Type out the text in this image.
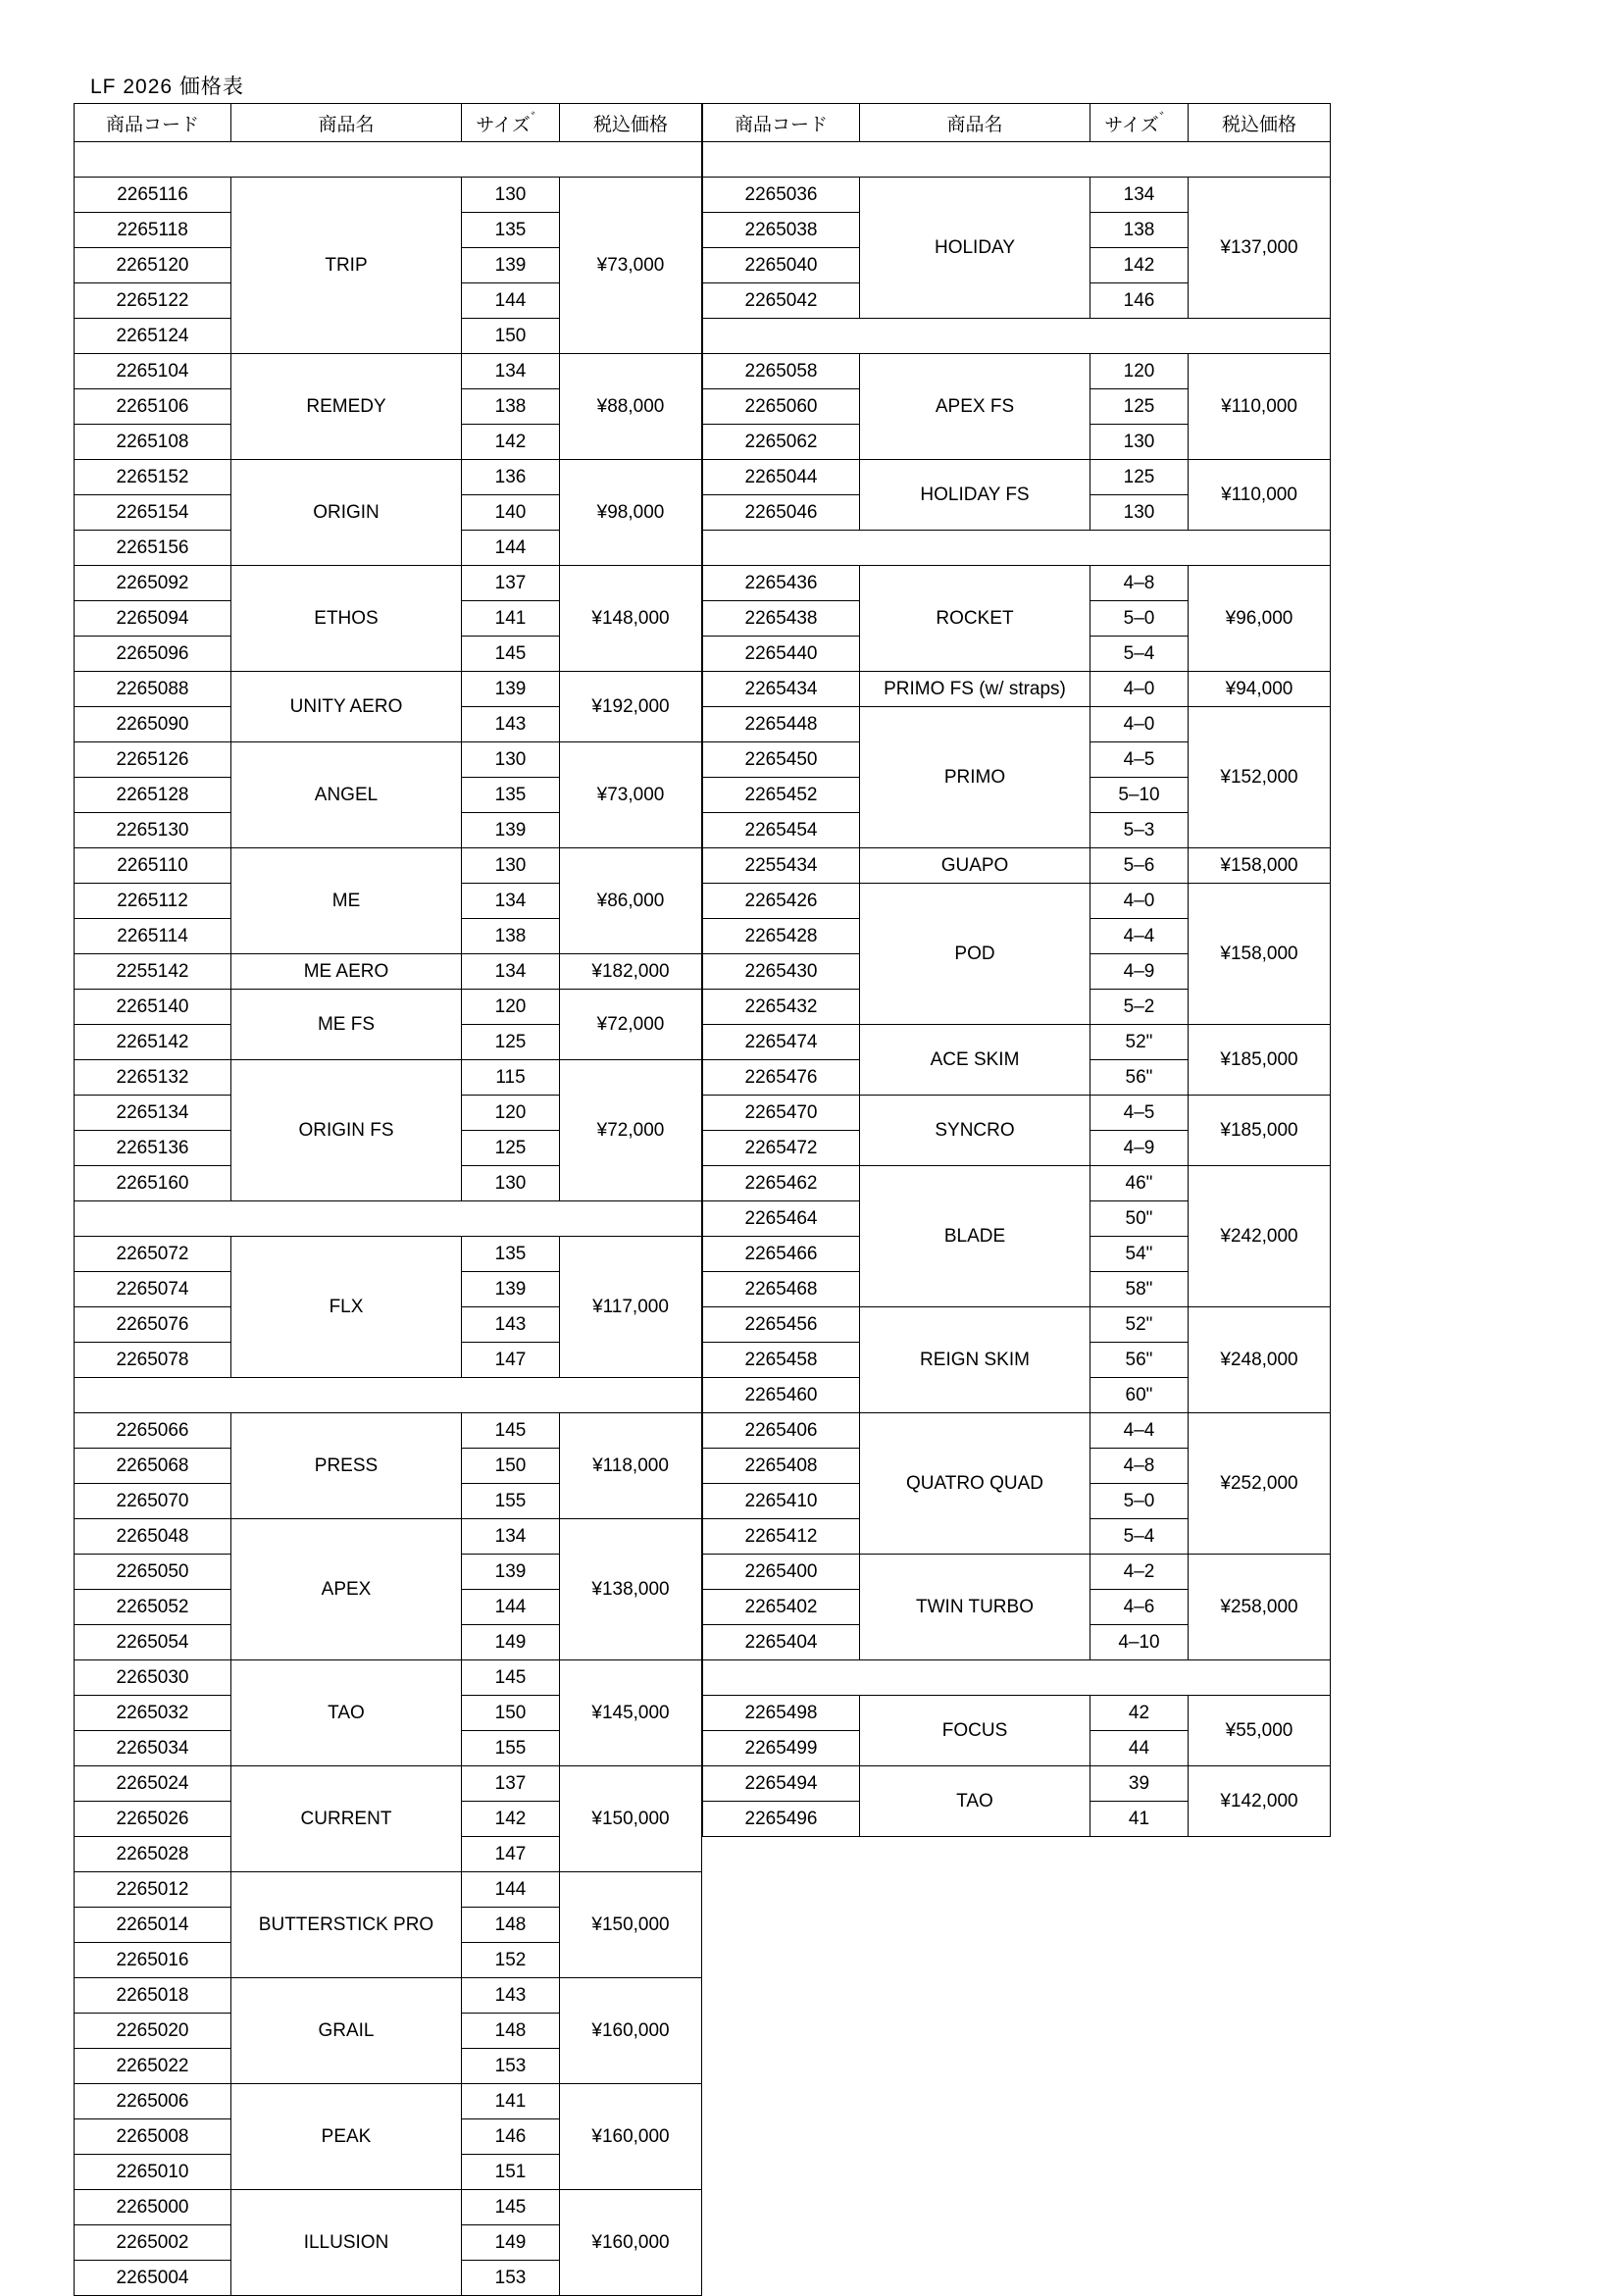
LF 2026 価格表
商品コード	商品名	サイズ゛	税込価格
WAKEBOARD – BOAT –			
2265116	TRIP	130	¥73,000
2265118		135	
2265120		139	
2265122		144	
2265124		150	
2265104	REMEDY	134	¥88,000
2265106		138	
2265108		142	
2265152	ORIGIN	136	¥98,000
2265154		140	
2265156		144	
2265092	ETHOS	137	¥148,000
2265094		141	
2265096		145	
2265088	UNITY AERO	139	¥192,000
2265090		143	
2265126	ANGEL	130	¥73,000
2265128		135	
2265130		139	
2265110	ME	130	¥86,000
2265112		134	
2265114		138	
2255142	ME AERO	134	¥182,000
2265140	ME FS	120	¥72,000
2265142		125	
2265132	ORIGIN FS	115	¥72,000
2265134		120	
2265136		125	
2265160		130	
MEN'S WAKEBOARD – BOAT & PARK –			
2265072	FLX	135	¥117,000
2265074		139	
2265076		143	
2265078		147	
MEN'S WAKEBOARD – PARK –			
2265066	PRESS	145	¥118,000
2265068		150	
2265070		155	
2265048	APEX	134	¥138,000
2265050		139	
2265052		144	
2265054		149	
2265030	TAO	145	¥145,000
2265032		150	
2265034		155	
2265024	CURRENT	137	¥150,000
2265026		142	
2265028		147	
2265012	BUTTERSTICK PRO	144	¥150,000
2265014		148	
2265016		152	
2265018	GRAIL	143	¥160,000
2265020		148	
2265022		153	
2265006	PEAK	141	¥160,000
2265008		146	
2265010		151	
2265000	ILLUSION	145	¥160,000
2265002		149	
2265004		153	
商品コード	商品名	サイズ゛	税込価格
WM'S WAKEBOARD – PARK –			
2265036	HOLIDAY	134	¥137,000
2265038		138	
2265040		142	
2265042		146	
KID'S WAKEBOARD – PARK–			
2265058	APEX FS	120	¥110,000
2265060		125	
2265062		130	
2265044	HOLIDAY FS	125	¥110,000
2265046		130	
WAKESURF			
2265436	ROCKET	4–8	¥96,000
2265438		5–0	
2265440		5–4	
2265434	PRIMO FS (w/ straps)	4–0	¥94,000
2265448	PRIMO	4–0	¥152,000
2265450		4–5	
2265452		5–10	
2265454		5–3	
2255434	GUAPO	5–6	¥158,000
2265426	POD	4–0	¥158,000
2265428		4–4	
2265430		4–9	
2265432		5–2	
2265474	ACE SKIM	52"	¥185,000
2265476		56"	
2265470	SYNCRO	4–5	¥185,000
2265472		4–9	
2265462	BLADE	46"	¥242,000
2265464		50"	
2265466		54"	
2265468		58"	
2265456	REIGN SKIM	52"	¥248,000
2265458		56"	
2265460		60"	
2265406	QUATRO QUAD	4–4	¥252,000
2265408		4–8	
2265410		5–0	
2265412		5–4	
2265400	TWIN TURBO	4–2	¥258,000
2265402		4–6	
2265404		4–10	
WAKESKATE			
2265498	FOCUS	42	¥55,000
2265499		44	
2265494	TAO	39	¥142,000
2265496		41	
